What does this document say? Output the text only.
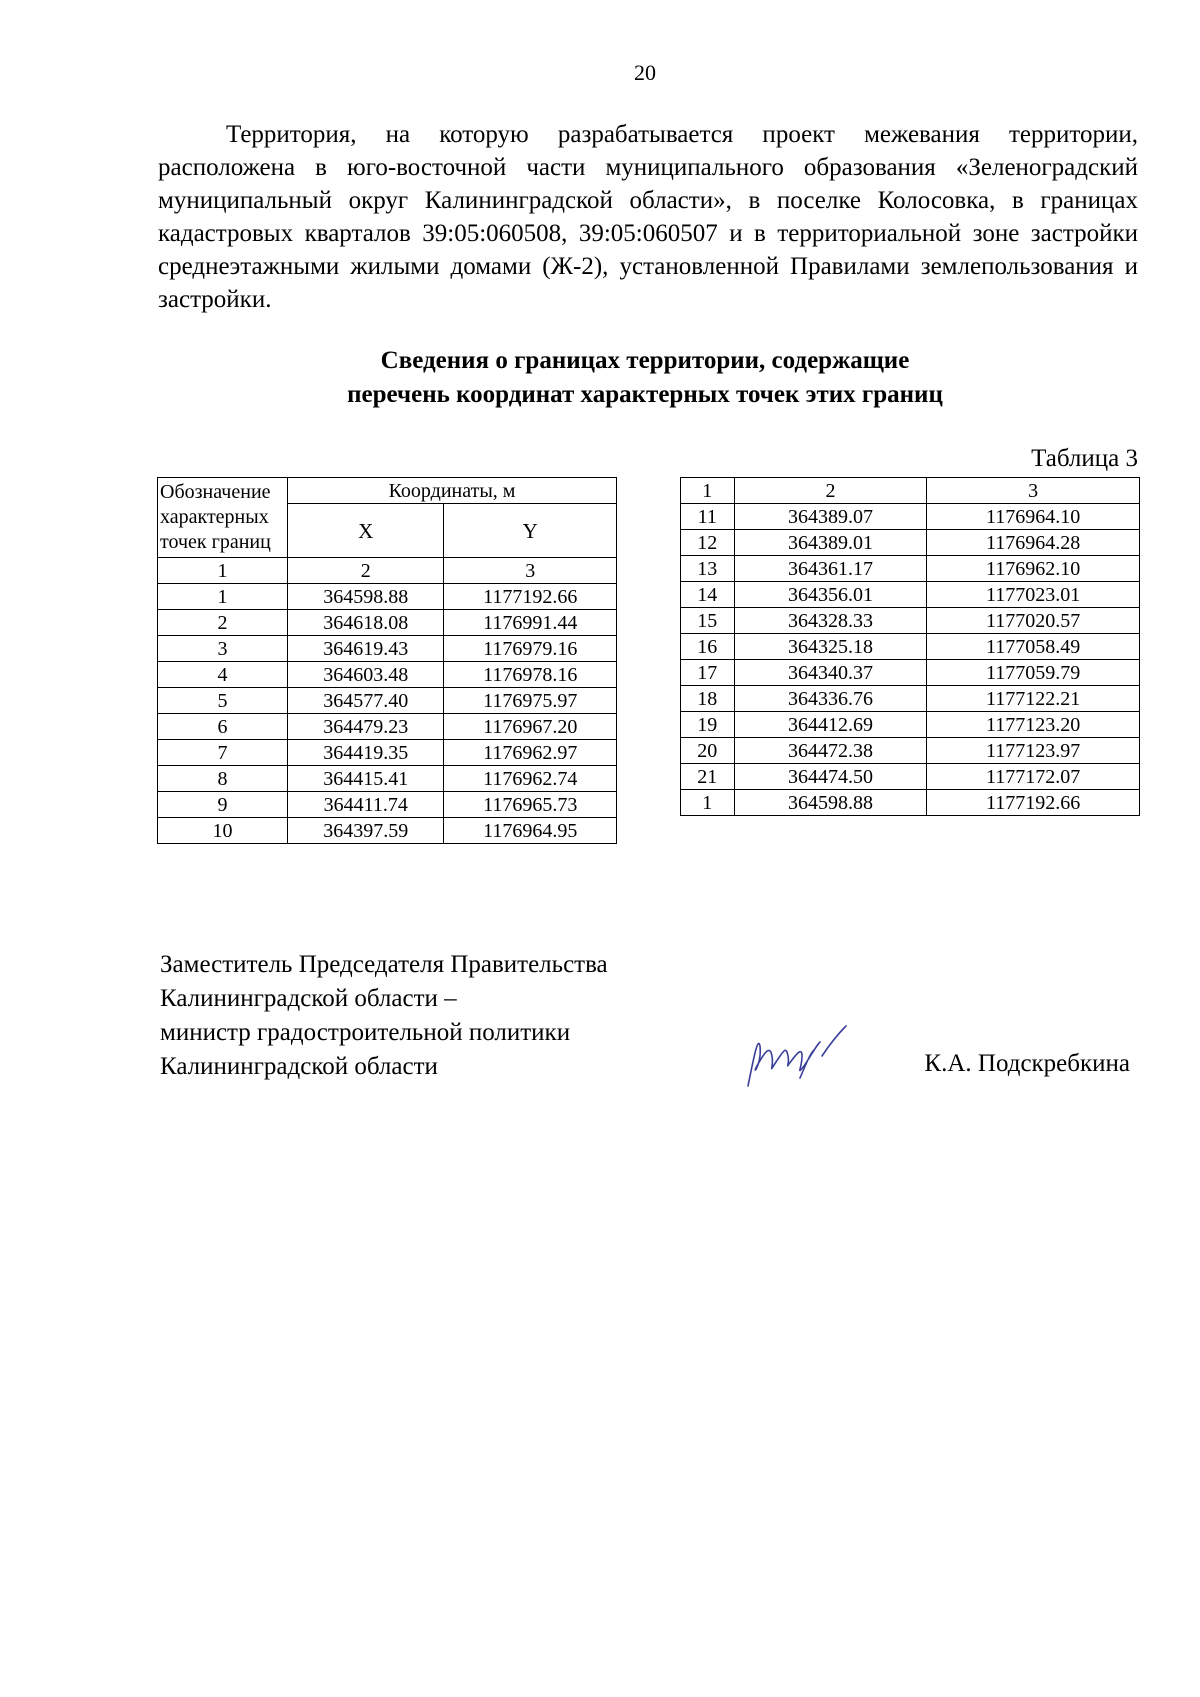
20

Территория, на которую разрабатывается проект межевания территории, расположена в юго-восточной части муниципального образования «Зеленоградский муниципальный округ Калининградской области», в поселке Колосовка, в границах кадастровых кварталов 39:05:060508, 39:05:060507 и в территориальной зоне застройки среднеэтажными жилыми домами (Ж-2), установленной Правилами землепользования и застройки.

Сведения о границах территории, содержащие
перечень координат характерных точек этих границ
Таблица 3
Обозначение характерных точек границ	Координаты, м	
	X	Y
1	2	3
1	364598.88	1177192.66
2	364618.08	1176991.44
3	364619.43	1176979.16
4	364603.48	1176978.16
5	364577.40	1176975.97
6	364479.23	1176967.20
7	364419.35	1176962.97
8	364415.41	1176962.74
9	364411.74	1176965.73
10	364397.59	1176964.95
1	2	3
11	364389.07	1176964.10
12	364389.01	1176964.28
13	364361.17	1176962.10
14	364356.01	1177023.01
15	364328.33	1177020.57
16	364325.18	1177058.49
17	364340.37	1177059.79
18	364336.76	1177122.21
19	364412.69	1177123.20
20	364472.38	1177123.97
21	364474.50	1177172.07
1	364598.88	1177192.66
Заместитель Председателя Правительства
Калининградской области –
министр градостроительной политики
Калининградской области	К.А. Подскребкина
